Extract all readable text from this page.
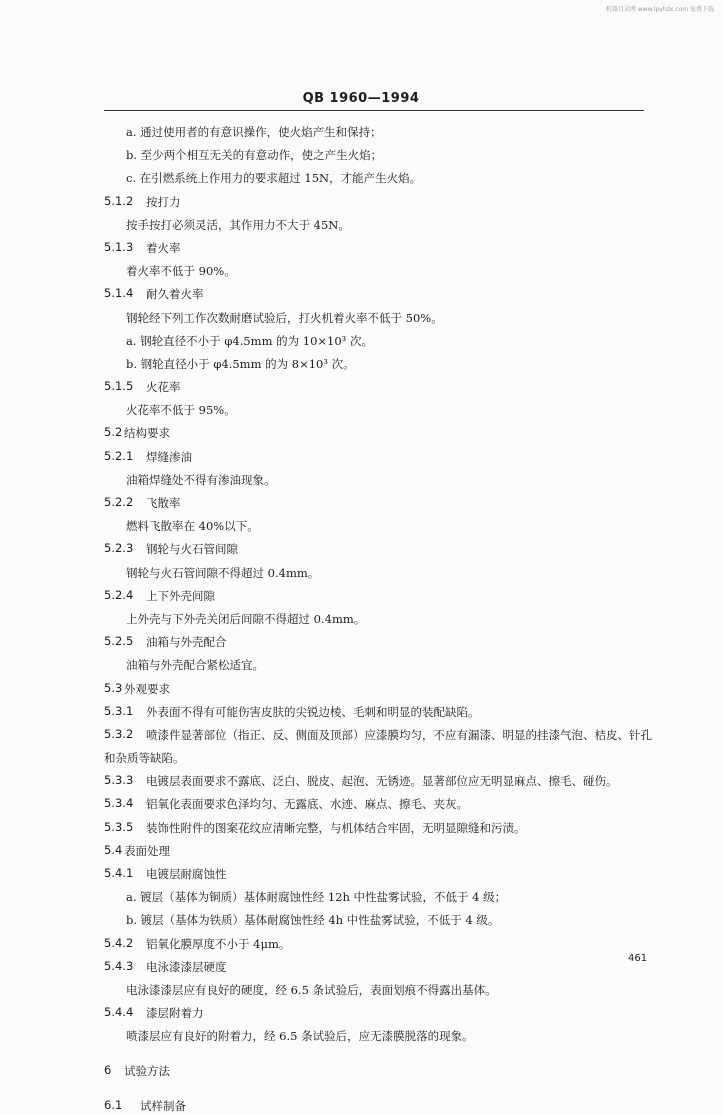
机器目录网 www.lpyhzx.com 免费下载
QB 1960—1994
a. 通过使用者的有意识操作，使火焰产生和保持；
b. 至少两个相互无关的有意动作，使之产生火焰；
c. 在引燃系统上作用力的要求超过 15N，才能产生火焰。
5.1.2 按打力
按手按打必须灵活，其作用力不大于 45N。
5.1.3 着火率
着火率不低于 90%。
5.1.4 耐久着火率
钢轮经下列工作次数耐磨试验后，打火机着火率不低于 50%。
a. 钢轮直径不小于 φ4.5mm 的为 10×10³ 次。
b. 钢轮直径小于 φ4.5mm 的为 8×10³ 次。
5.1.5 火花率
火花率不低于 95%。
5.2 结构要求
5.2.1 焊缝渗油
油箱焊缝处不得有渗油现象。
5.2.2 飞散率
燃料飞散率在 40%以下。
5.2.3 钢轮与火石管间隙
钢轮与火石管间隙不得超过 0.4mm。
5.2.4 上下外壳间隙
上外壳与下外壳关闭后间隙不得超过 0.4mm。
5.2.5 油箱与外壳配合
油箱与外壳配合紧松适宜。
5.3 外观要求
5.3.1 外表面不得有可能伤害皮肤的尖锐边棱、毛刺和明显的装配缺陷。
5.3.2 喷漆件显著部位（指正、反、侧面及顶部）应漆膜均匀，不应有漏漆、明显的挂漆气泡、桔皮、针孔
和杂质等缺陷。
5.3.3 电镀层表面要求不露底、泛白、脱皮、起泡、无锈迹。显著部位应无明显麻点、擦毛、碰伤。
5.3.4 铝氧化表面要求色泽均匀、无露底、水迹、麻点、擦毛、夹灰。
5.3.5 装饰性附件的图案花纹应清晰完整，与机体结合牢固，无明显隙缝和污渍。
5.4 表面处理
5.4.1 电镀层耐腐蚀性
a. 镀层（基体为铜质）基体耐腐蚀性经 12h 中性盐雾试验，不低于 4 级；
b. 镀层（基体为铁质）基体耐腐蚀性经 4h 中性盐雾试验，不低于 4 级。
5.4.2 铝氧化膜厚度不小于 4μm。
5.4.3 电泳漆漆层硬度
电泳漆漆层应有良好的硬度，经 6.5 条试验后，表面划痕不得露出基体。
5.4.4 漆层附着力
喷漆层应有良好的附着力，经 6.5 条试验后，应无漆膜脱落的现象。
6 试验方法
6.1 试样制备
461
